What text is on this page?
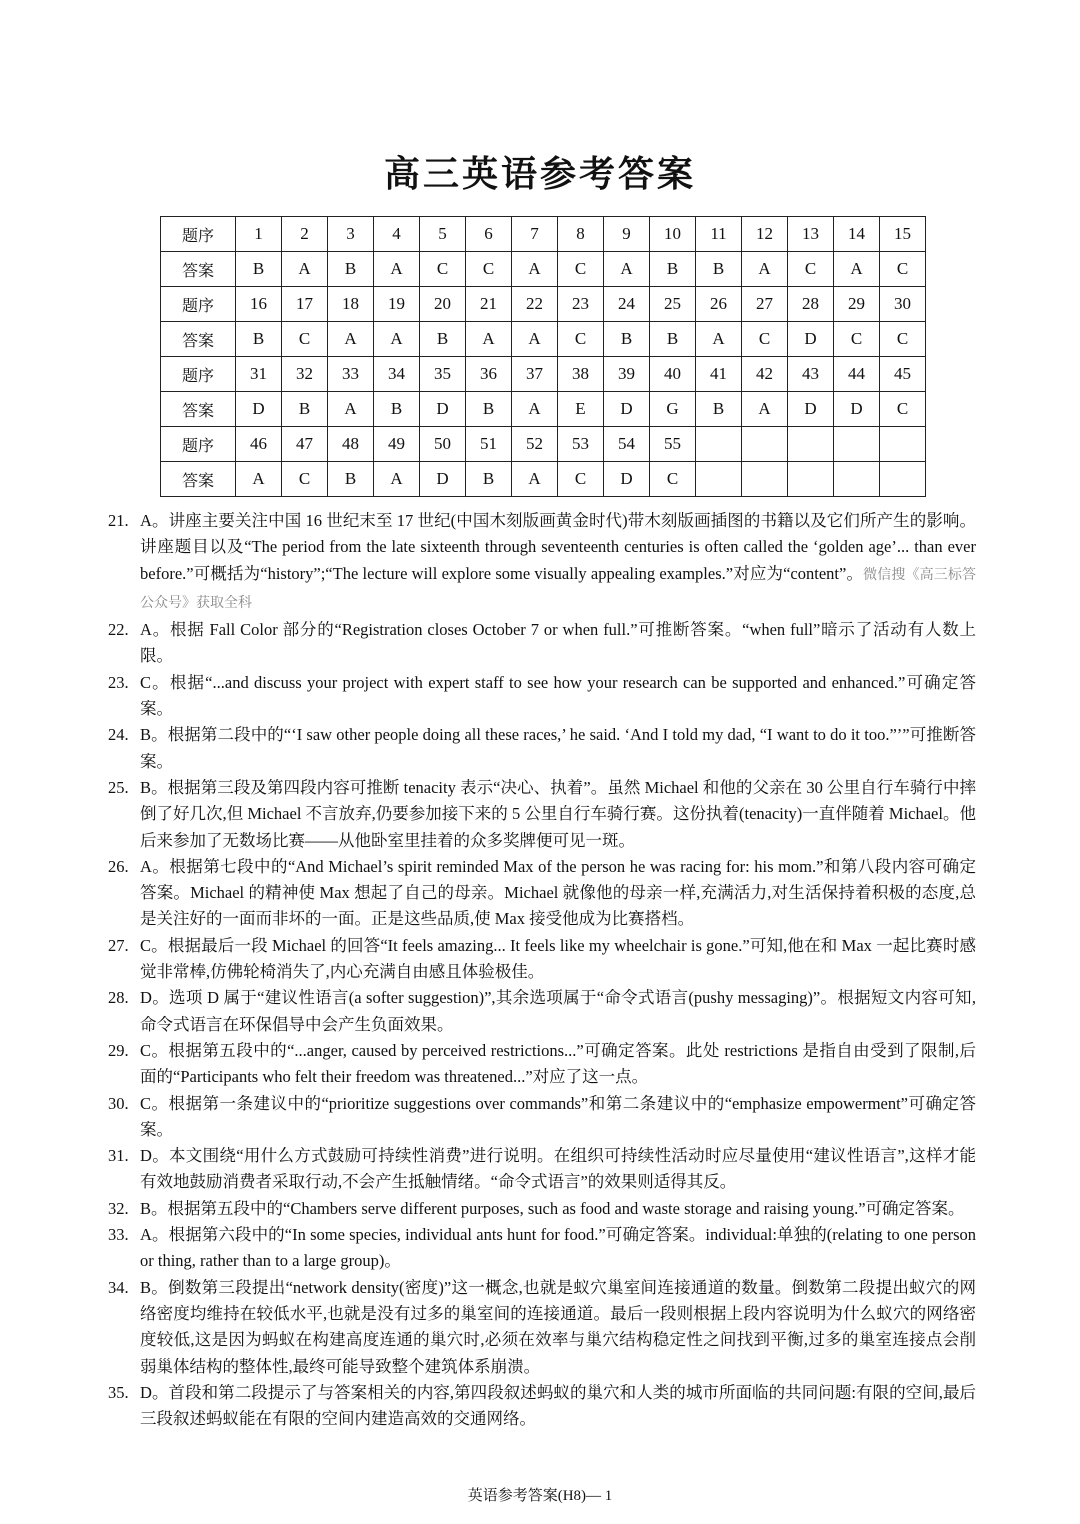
高三英语参考答案
题序	1	2	3	4	5	6	7	8	9	10	11	12	13	14	15
答案	B	A	B	A	C	C	A	C	A	B	B	A	C	A	C
题序	16	17	18	19	20	21	22	23	24	25	26	27	28	29	30
答案	B	C	A	A	B	A	A	C	B	B	A	C	D	C	C
题序	31	32	33	34	35	36	37	38	39	40	41	42	43	44	45
答案	D	B	A	B	D	B	A	E	D	G	B	A	D	D	C
题序	46	47	48	49	50	51	52	53	54	55					
答案	A	C	B	A	D	B	A	C	D	C					
21. A。讲座主要关注中国 16 世纪末至 17 世纪(中国木刻版画黄金时代)带木刻版画插图的书籍以及它们所产生的影响。讲座题目以及“The period from the late sixteenth through seventeenth centuries is often called the ‘golden age’... than ever before.”可概括为“history”;“The lecture will explore some visually appealing examples.”对应为“content”。微信搜《高三标答公众号》获取全科
22. A。根据 Fall Color 部分的“Registration closes October 7 or when full.”可推断答案。“when full”暗示了活动有人数上限。
23. C。根据“...and discuss your project with expert staff to see how your research can be supported and enhanced.”可确定答案。
24. B。根据第二段中的“‘I saw other people doing all these races,’ he said. ‘And I told my dad, “I want to do it too.”’”可推断答案。
25. B。根据第三段及第四段内容可推断 tenacity 表示“决心、执着”。虽然 Michael 和他的父亲在 30 公里自行车骑行中摔倒了好几次,但 Michael 不言放弃,仍要参加接下来的 5 公里自行车骑行赛。这份执着(tenacity)一直伴随着 Michael。他后来参加了无数场比赛——从他卧室里挂着的众多奖牌便可见一斑。
26. A。根据第七段中的“And Michael’s spirit reminded Max of the person he was racing for: his mom.”和第八段内容可确定答案。Michael 的精神使 Max 想起了自己的母亲。Michael 就像他的母亲一样,充满活力,对生活保持着积极的态度,总是关注好的一面而非坏的一面。正是这些品质,使 Max 接受他成为比赛搭档。
27. C。根据最后一段 Michael 的回答“It feels amazing... It feels like my wheelchair is gone.”可知,他在和 Max 一起比赛时感觉非常棒,仿佛轮椅消失了,内心充满自由感且体验极佳。
28. D。选项 D 属于“建议性语言(a softer suggestion)”,其余选项属于“命令式语言(pushy messaging)”。根据短文内容可知,命令式语言在环保倡导中会产生负面效果。
29. C。根据第五段中的“...anger, caused by perceived restrictions...”可确定答案。此处 restrictions 是指自由受到了限制,后面的“Participants who felt their freedom was threatened...”对应了这一点。
30. C。根据第一条建议中的“prioritize suggestions over commands”和第二条建议中的“emphasize empowerment”可确定答案。
31. D。本文围绕“用什么方式鼓励可持续性消费”进行说明。在组织可持续性活动时应尽量使用“建议性语言”,这样才能有效地鼓励消费者采取行动,不会产生抵触情绪。“命令式语言”的效果则适得其反。
32. B。根据第五段中的“Chambers serve different purposes, such as food and waste storage and raising young.”可确定答案。
33. A。根据第六段中的“In some species, individual ants hunt for food.”可确定答案。individual:单独的(relating to one person or thing, rather than to a large group)。
34. B。倒数第三段提出“network density(密度)”这一概念,也就是蚁穴巢室间连接通道的数量。倒数第二段提出蚁穴的网络密度均维持在较低水平,也就是没有过多的巢室间的连接通道。最后一段则根据上段内容说明为什么蚁穴的网络密度较低,这是因为蚂蚁在构建高度连通的巢穴时,必须在效率与巢穴结构稳定性之间找到平衡,过多的巢室连接点会削弱巢体结构的整体性,最终可能导致整个建筑体系崩溃。
35. D。首段和第二段提示了与答案相关的内容,第四段叙述蚂蚁的巢穴和人类的城市所面临的共同问题:有限的空间,最后三段叙述蚂蚁能在有限的空间内建造高效的交通网络。
英语参考答案(H8)— 1
